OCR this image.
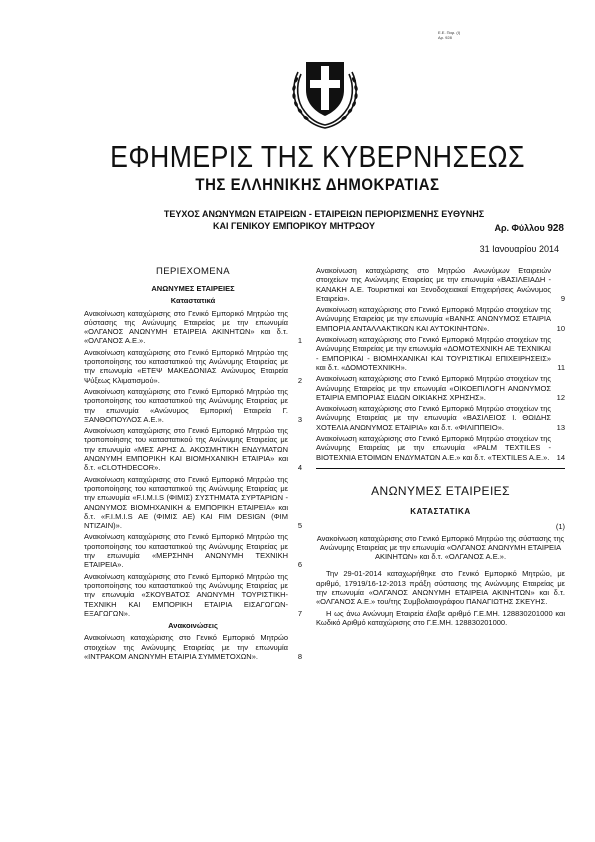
Ε.Ε. Παρ. (Ι)
Αρ. 928
ΕΦΗΜΕΡΙΣ ΤΗΣ ΚΥΒΕΡΝΗΣΕΩΣ
ΤΗΣ ΕΛΛΗΝΙΚΗΣ ΔΗΜΟΚΡΑΤΙΑΣ
ΤΕΥΧΟΣ ΑΝΩΝΥΜΩΝ ΕΤΑΙΡΕΙΩΝ - ΕΤΑΙΡΕΙΩΝ ΠΕΡΙΟΡΙΣΜΕΝΗΣ ΕΥΘΥΝΗΣ
ΚΑΙ ΓΕΝΙΚΟΥ ΕΜΠΟΡΙΚΟΥ ΜΗΤΡΩΟΥ	Αρ. Φύλλου 928
31 Ιανουαρίου 2014
ΠΕΡΙΕΧΟΜΕΝΑ
ΑΝΩΝΥΜΕΣ ΕΤΑΙΡΕΙΕΣ
Καταστατικά
Ανακοίνωση καταχώρισης στο Γενικό Εμπορικό Μητρώο της σύστασης της Ανώνυμης Εταιρείας με την επωνυμία «ΟΛΓΑΝΟΣ ΑΝΩΝΥΜΗ ΕΤΑΙΡΕΙΑ ΑΚΙΝΗΤΩΝ» και δ.τ. «ΟΛΓΑΝΟΣ Α.Ε.».	1
Ανακοίνωση καταχώρισης στο Γενικό Εμπορικό Μητρώο της τροποποίησης του καταστατικού της Ανώνυμης Εταιρείας με την επωνυμία «ΕΤΕΨ ΜΑΚΕΔΟΝΙΑΣ Ανώνυμος Εταιρεία Ψύξεως Κλιματισμού».	2
Ανακοίνωση καταχώρισης στο Γενικό Εμπορικό Μητρώο της τροποποίησης του καταστατικού της Ανώνυμης Εταιρείας με την επωνυμία «Ανώνυμος Εμπορική Εταιρεία Γ. ΞΑΝΘΟΠΟΥΛΟΣ Α.Ε.».	3
Ανακοίνωση καταχώρισης στο Γενικό Εμπορικό Μητρώο της τροποποίησης του καταστατικού της Ανώνυμης Εταιρείας με την επωνυμία «ΜΕΣ ΑΡΗΣ Δ. ΑΚΟΣΜΗΤΙΚΗ ΕΝΔΥΜΑΤΩΝ ΑΝΩΝΥΜΗ ΕΜΠΟΡΙΚΗ ΚΑΙ ΒΙΟΜΗΧΑΝΙΚΗ ΕΤΑΙΡΙΑ» και δ.τ. «CLOTHDECOR».	4
Ανακοίνωση καταχώρισης στο Γενικό Εμπορικό Μητρώο της τροποποίησης του καταστατικού της Ανώνυμης Εταιρείας με την επωνυμία «F.I.M.I.S (ΦΙΜΙΣ) ΣΥΣΤΗΜΑΤΑ ΣΥΡΤΑΡΙΩΝ - ΑΝΩΝΥΜΟΣ ΒΙΟΜΗΧΑΝΙΚΗ & ΕΜΠΟΡΙΚΗ ΕΤΑΙΡΕΙΑ» και δ.τ. «F.I.M.I.S ΑΕ (ΦΙΜΙΣ ΑΕ) ΚΑΙ FIM DESIGN (ΦΙΜ ΝΤΙΖΑΙΝ)».	5
Ανακοίνωση καταχώρισης στο Γενικό Εμπορικό Μητρώο της τροποποίησης του καταστατικού της Ανώνυμης Εταιρείας με την επωνυμία «ΜΕΡΣΗΝΗ ΑΝΩΝΥΜΗ ΤΕΧΝΙΚΗ ΕΤΑΙΡΕΙΑ».	6
Ανακοίνωση καταχώρισης στο Γενικό Εμπορικό Μητρώο της τροποποίησης του καταστατικού της Ανώνυμης Εταιρείας με την επωνυμία «ΣΚΟΥΒΑΤΟΣ ΑΝΩΝΥΜΗ ΤΟΥΡΙΣΤΙΚΗ-ΤΕΧΝΙΚΗ ΚΑΙ ΕΜΠΟΡΙΚΗ ΕΤΑΙΡΙΑ ΕΙΣΑΓΩΓΩΝ-ΕΞΑΓΩΓΩΝ».	7
Ανακοινώσεις
Ανακοίνωση καταχώρισης στο Γενικό Εμπορικό Μητρώο στοιχείων της Ανώνυμης Εταιρείας με την επωνυμία «ΙΝΤΡΑΚΟΜ ΑΝΩΝΥΜΗ ΕΤΑΙΡΙΑ ΣΥΜΜΕΤΟΧΩΝ».	8
Ανακοίνωση καταχώρισης στο Μητρώο Ανωνύμων Εταιρειών στοιχείων της Ανώνυμης Εταιρείας με την επωνυμία «ΒΑΣΙΛΕΙΑΔΗ - ΚΑΝΑΚΗ Α.Ε. Τουριστικαί και Ξενοδοχειακαί Επιχειρήσεις Ανώνυμος Εταιρεία».	9
Ανακοίνωση καταχώρισης στο Γενικό Εμπορικό Μητρώο στοιχείων της Ανώνυμης Εταιρείας με την επωνυμία «ΒΑΝΗΣ ΑΝΩΝΥΜΟΣ ΕΤΑΙΡΙΑ ΕΜΠΟΡΙΑ ΑΝΤΑΛΛΑΚΤΙΚΩΝ ΚΑΙ ΑΥΤΟΚΙΝΗΤΩΝ».	10
Ανακοίνωση καταχώρισης στο Γενικό Εμπορικό Μητρώο στοιχείων της Ανώνυμης Εταιρείας με την επωνυμία «ΔΟΜΟΤΕΧΝΙΚΗ ΑΕ ΤΕΧΝΙΚΑΙ - ΕΜΠΟΡΙΚΑΙ - ΒΙΟΜΗΧΑΝΙΚΑΙ ΚΑΙ ΤΟΥΡΙΣΤΙΚΑΙ ΕΠΙΧΕΙΡΗΣΕΙΣ» και δ.τ. «ΔΟΜΟΤΕΧΝΙΚΗ».	11
Ανακοίνωση καταχώρισης στο Γενικό Εμπορικό Μητρώο στοιχείων της Ανώνυμης Εταιρείας με την επωνυμία «ΟΙΚΟΕΠΙΛΟΓΗ ΑΝΩΝΥΜΟΣ ΕΤΑΙΡΙΑ ΕΜΠΟΡΙΑΣ ΕΙΔΩΝ ΟΙΚΙΑΚΗΣ ΧΡΗΣΗΣ».	12
Ανακοίνωση καταχώρισης στο Γενικό Εμπορικό Μητρώο στοιχείων της Ανώνυμης Εταιρείας με την επωνυμία «ΒΑΣΙΛΕΙΟΣ Ι. ΘΩΙΔΗΣ ΧΟΤΕΛΙΑ ΑΝΩΝΥΜΟΣ ΕΤΑΙΡΙΑ» και δ.τ. «ΦΙΛΙΠΠΕΙΟ».	13
Ανακοίνωση καταχώρισης στο Γενικό Εμπορικό Μητρώο στοιχείων της Ανώνυμης Εταιρείας με την επωνυμία «PALM TEXTILES - ΒΙΟΤΕΧΝΙΑ ΕΤΟΙΜΩΝ ΕΝΔΥΜΑΤΩΝ Α.Ε.» και δ.τ. «TEXTILES A.E.». 14
ΑΝΩΝΥΜΕΣ ΕΤΑΙΡΕΙΕΣ
ΚΑΤΑΣΤΑΤΙΚΑ
(1)
Ανακοίνωση καταχώρισης στο Γενικό Εμπορικό Μητρώο της σύστασης της Ανώνυμης Εταιρείας με την επωνυμία «ΟΛΓΑΝΟΣ ΑΝΩΝΥΜΗ ΕΤΑΙΡΕΙΑ ΑΚΙΝΗΤΩΝ» και δ.τ. «ΟΛΓΑΝΟΣ Α.Ε.».
Την 29-01-2014 καταχωρήθηκε στο Γενικό Εμπορικό Μητρώο, με αριθμό, 17919/16-12-2013 πράξη σύστασης της Ανώνυμης Εταιρείας με την επωνυμία «ΟΛΓΑΝΟΣ ΑΝΩΝΥΜΗ ΕΤΑΙΡΕΙΑ ΑΚΙΝΗΤΩΝ» και δ.τ. «ΟΛΓΑΝΟΣ Α.Ε.» του/της Συμβολαιογράφου ΠΑΝΑΓΙΩΤΗΣ ΣΚΕΥΗΣ.
Η ως άνω Ανώνυμη Εταιρεία έλαβε αριθμό Γ.Ε.ΜΗ. 128830201000 και Κωδικό Αριθμό καταχώρισης στο Γ.Ε.ΜΗ. 128830201000.
